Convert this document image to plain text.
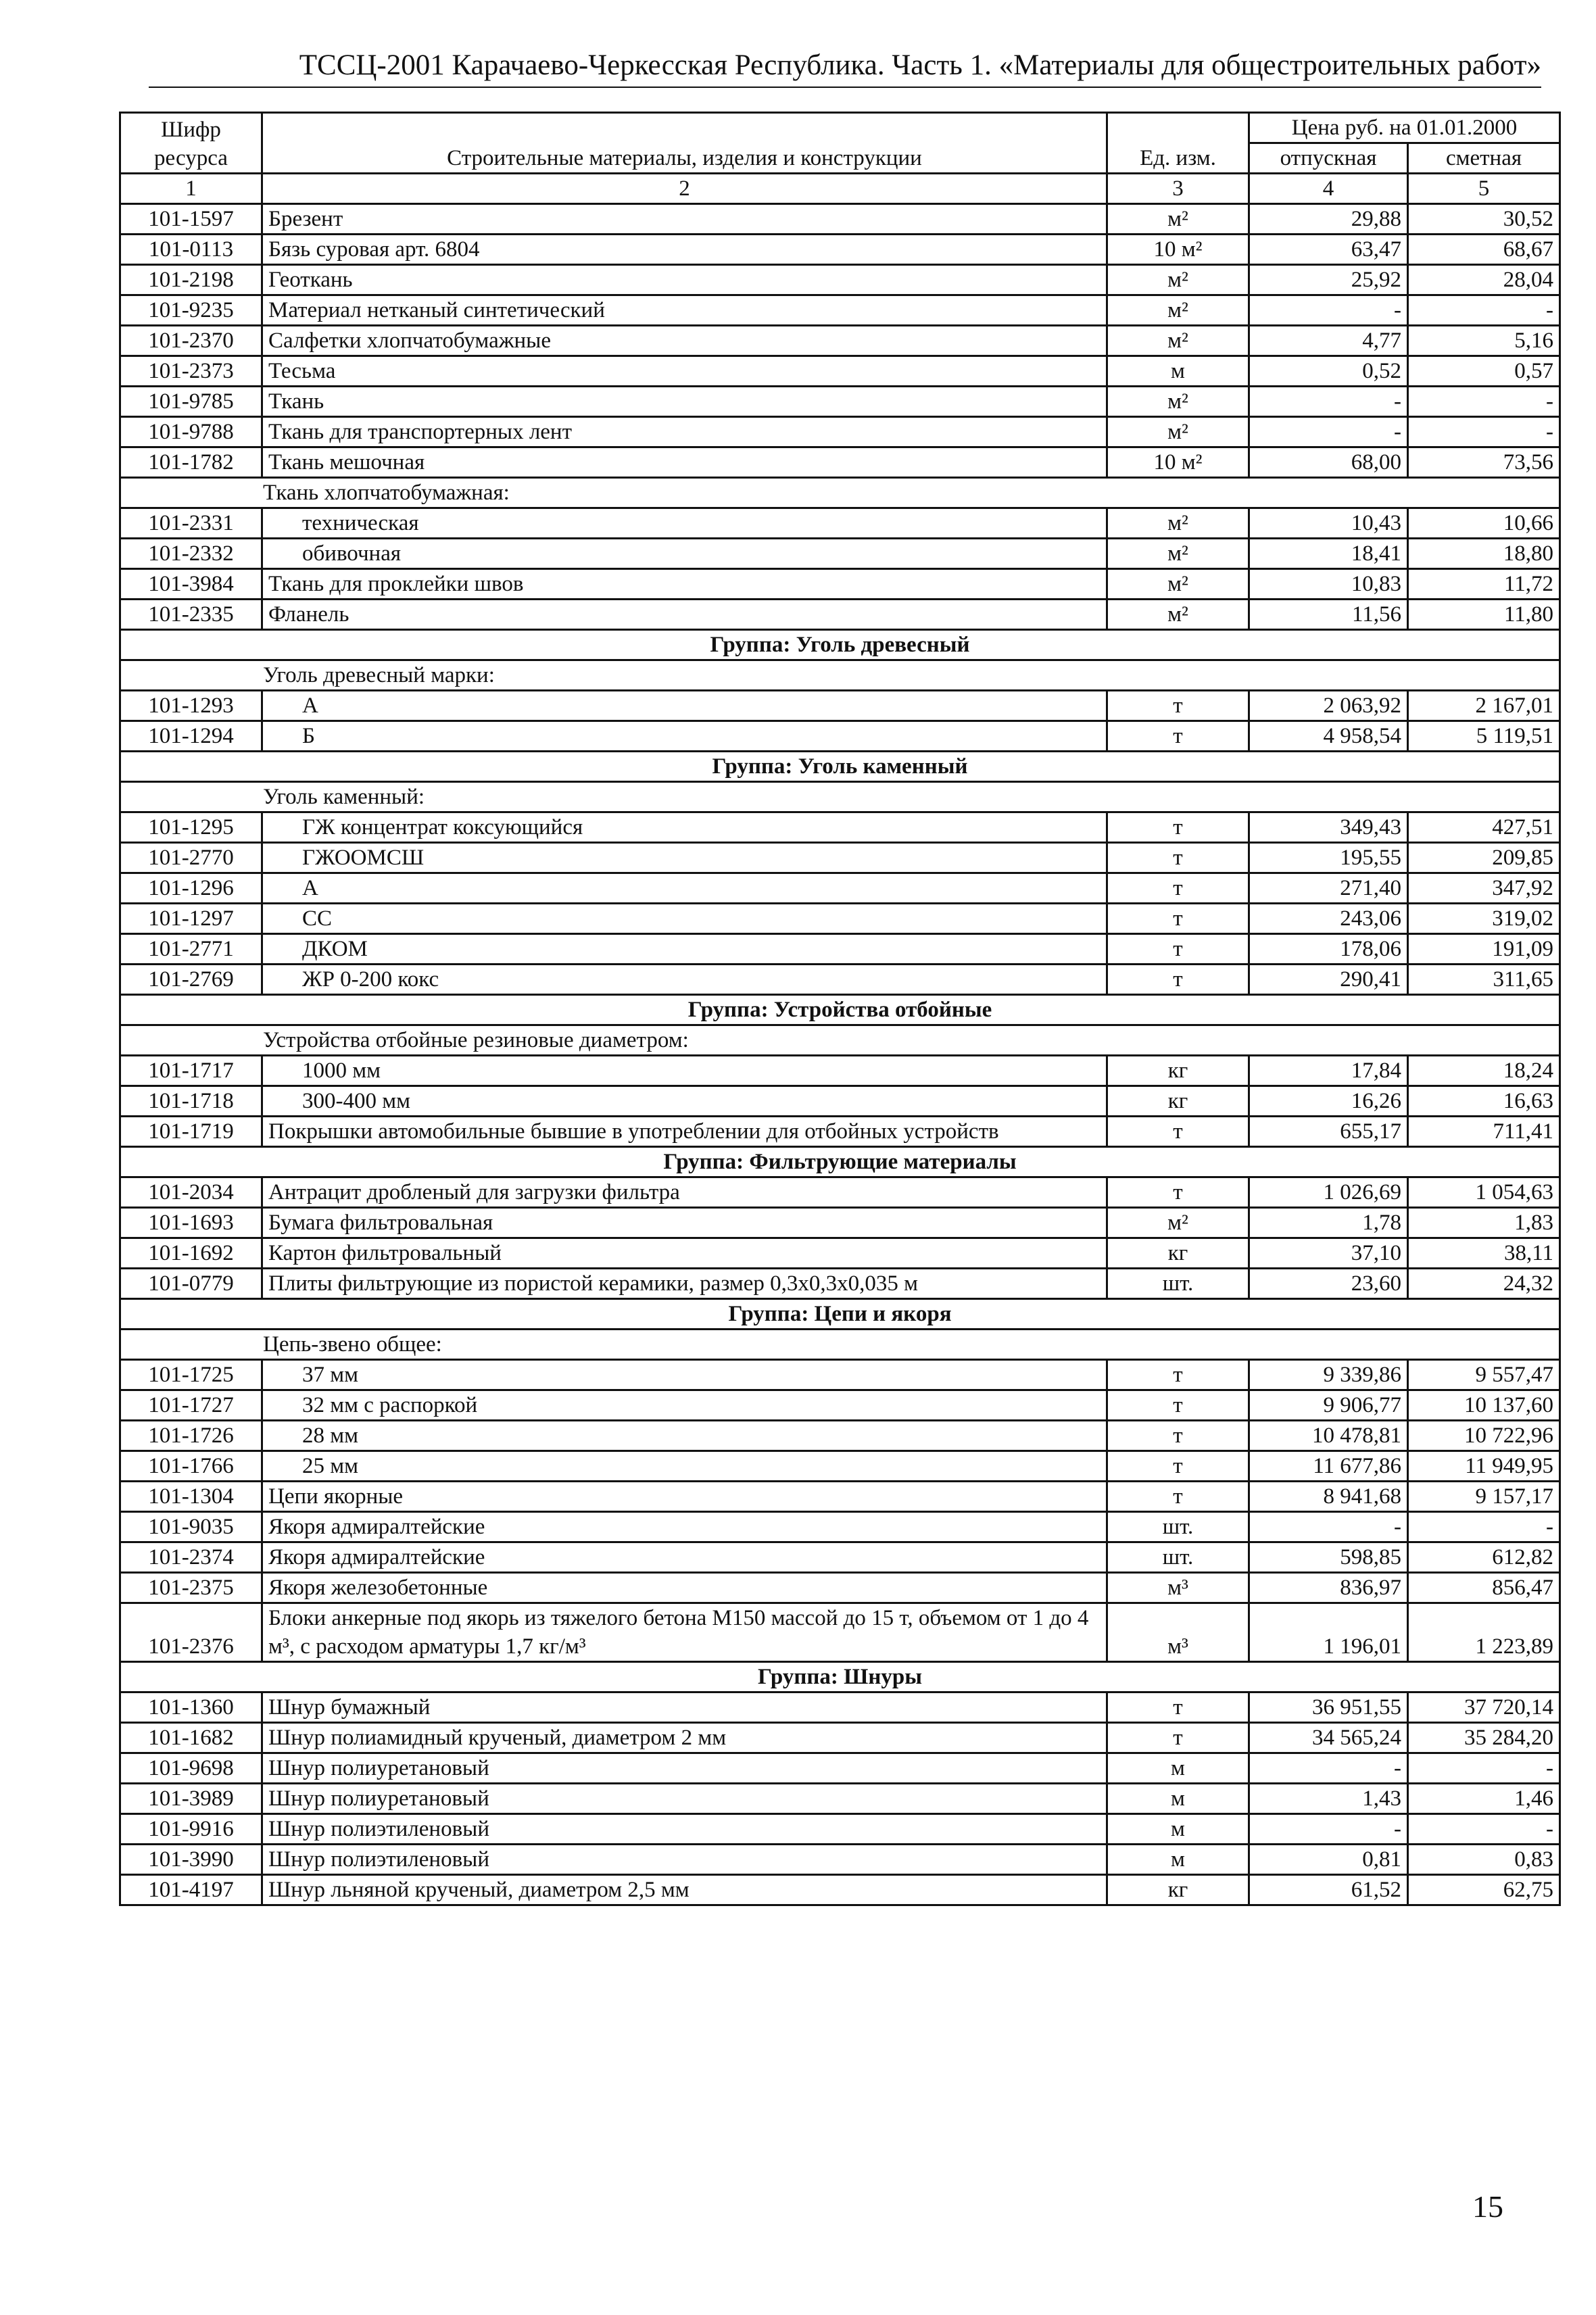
ТССЦ-2001 Карачаево-Черкесская Республика. Часть 1. «Материалы для общестроительных работ»
Шифр ресурса	Строительные материалы, изделия и конструкции	Ед. изм.	Цена руб. на 01.01.2000	
			отпускная	сметная
1	2	3	4	5
101-1597	Брезент	м²	29,88	30,52
101-0113	Бязь суровая арт. 6804	10 м²	63,47	68,67
101-2198	Геоткань	м²	25,92	28,04
101-9235	Материал нетканый синтетический	м²	-	-
101-2370	Салфетки хлопчатобумажные	м²	4,77	5,16
101-2373	Тесьма	м	0,52	0,57
101-9785	Ткань	м²	-	-
101-9788	Ткань для транспортерных лент	м²	-	-
101-1782	Ткань мешочная	10 м²	68,00	73,56
Ткань хлопчатобумажная:				
101-2331	техническая	м²	10,43	10,66
101-2332	обивочная	м²	18,41	18,80
101-3984	Ткань для проклейки швов	м²	10,83	11,72
101-2335	Фланель	м²	11,56	11,80
Группа: Уголь древесный				
Уголь древесный марки:				
101-1293	А	т	2 063,92	2 167,01
101-1294	Б	т	4 958,54	5 119,51
Группа: Уголь каменный				
Уголь каменный:				
101-1295	ГЖ концентрат коксующийся	т	349,43	427,51
101-2770	ГЖООМСШ	т	195,55	209,85
101-1296	А	т	271,40	347,92
101-1297	СС	т	243,06	319,02
101-2771	ДКОМ	т	178,06	191,09
101-2769	ЖР 0-200 кокс	т	290,41	311,65
Группа: Устройства отбойные				
Устройства отбойные резиновые диаметром:				
101-1717	1000 мм	кг	17,84	18,24
101-1718	300-400 мм	кг	16,26	16,63
101-1719	Покрышки автомобильные бывшие в употреблении для отбойных устройств	т	655,17	711,41
Группа: Фильтрующие материалы				
101-2034	Антрацит дробленый для загрузки фильтра	т	1 026,69	1 054,63
101-1693	Бумага фильтровальная	м²	1,78	1,83
101-1692	Картон фильтровальный	кг	37,10	38,11
101-0779	Плиты фильтрующие из пористой керамики, размер 0,3х0,3х0,035 м	шт.	23,60	24,32
Группа: Цепи и якоря				
Цепь-звено общее:				
101-1725	37 мм	т	9 339,86	9 557,47
101-1727	32 мм с распоркой	т	9 906,77	10 137,60
101-1726	28 мм	т	10 478,81	10 722,96
101-1766	25 мм	т	11 677,86	11 949,95
101-1304	Цепи якорные	т	8 941,68	9 157,17
101-9035	Якоря адмиралтейские	шт.	-	-
101-2374	Якоря адмиралтейские	шт.	598,85	612,82
101-2375	Якоря железобетонные	м³	836,97	856,47
101-2376	Блоки анкерные под якорь из тяжелого бетона М150 массой до 15 т, объемом от 1 до 4 м³, с расходом арматуры 1,7 кг/м³	м³	1 196,01	1 223,89
Группа: Шнуры				
101-1360	Шнур бумажный	т	36 951,55	37 720,14
101-1682	Шнур полиамидный крученый, диаметром 2 мм	т	34 565,24	35 284,20
101-9698	Шнур полиуретановый	м	-	-
101-3989	Шнур полиуретановый	м	1,43	1,46
101-9916	Шнур полиэтиленовый	м	-	-
101-3990	Шнур полиэтиленовый	м	0,81	0,83
101-4197	Шнур льняной крученый, диаметром 2,5 мм	кг	61,52	62,75
15
